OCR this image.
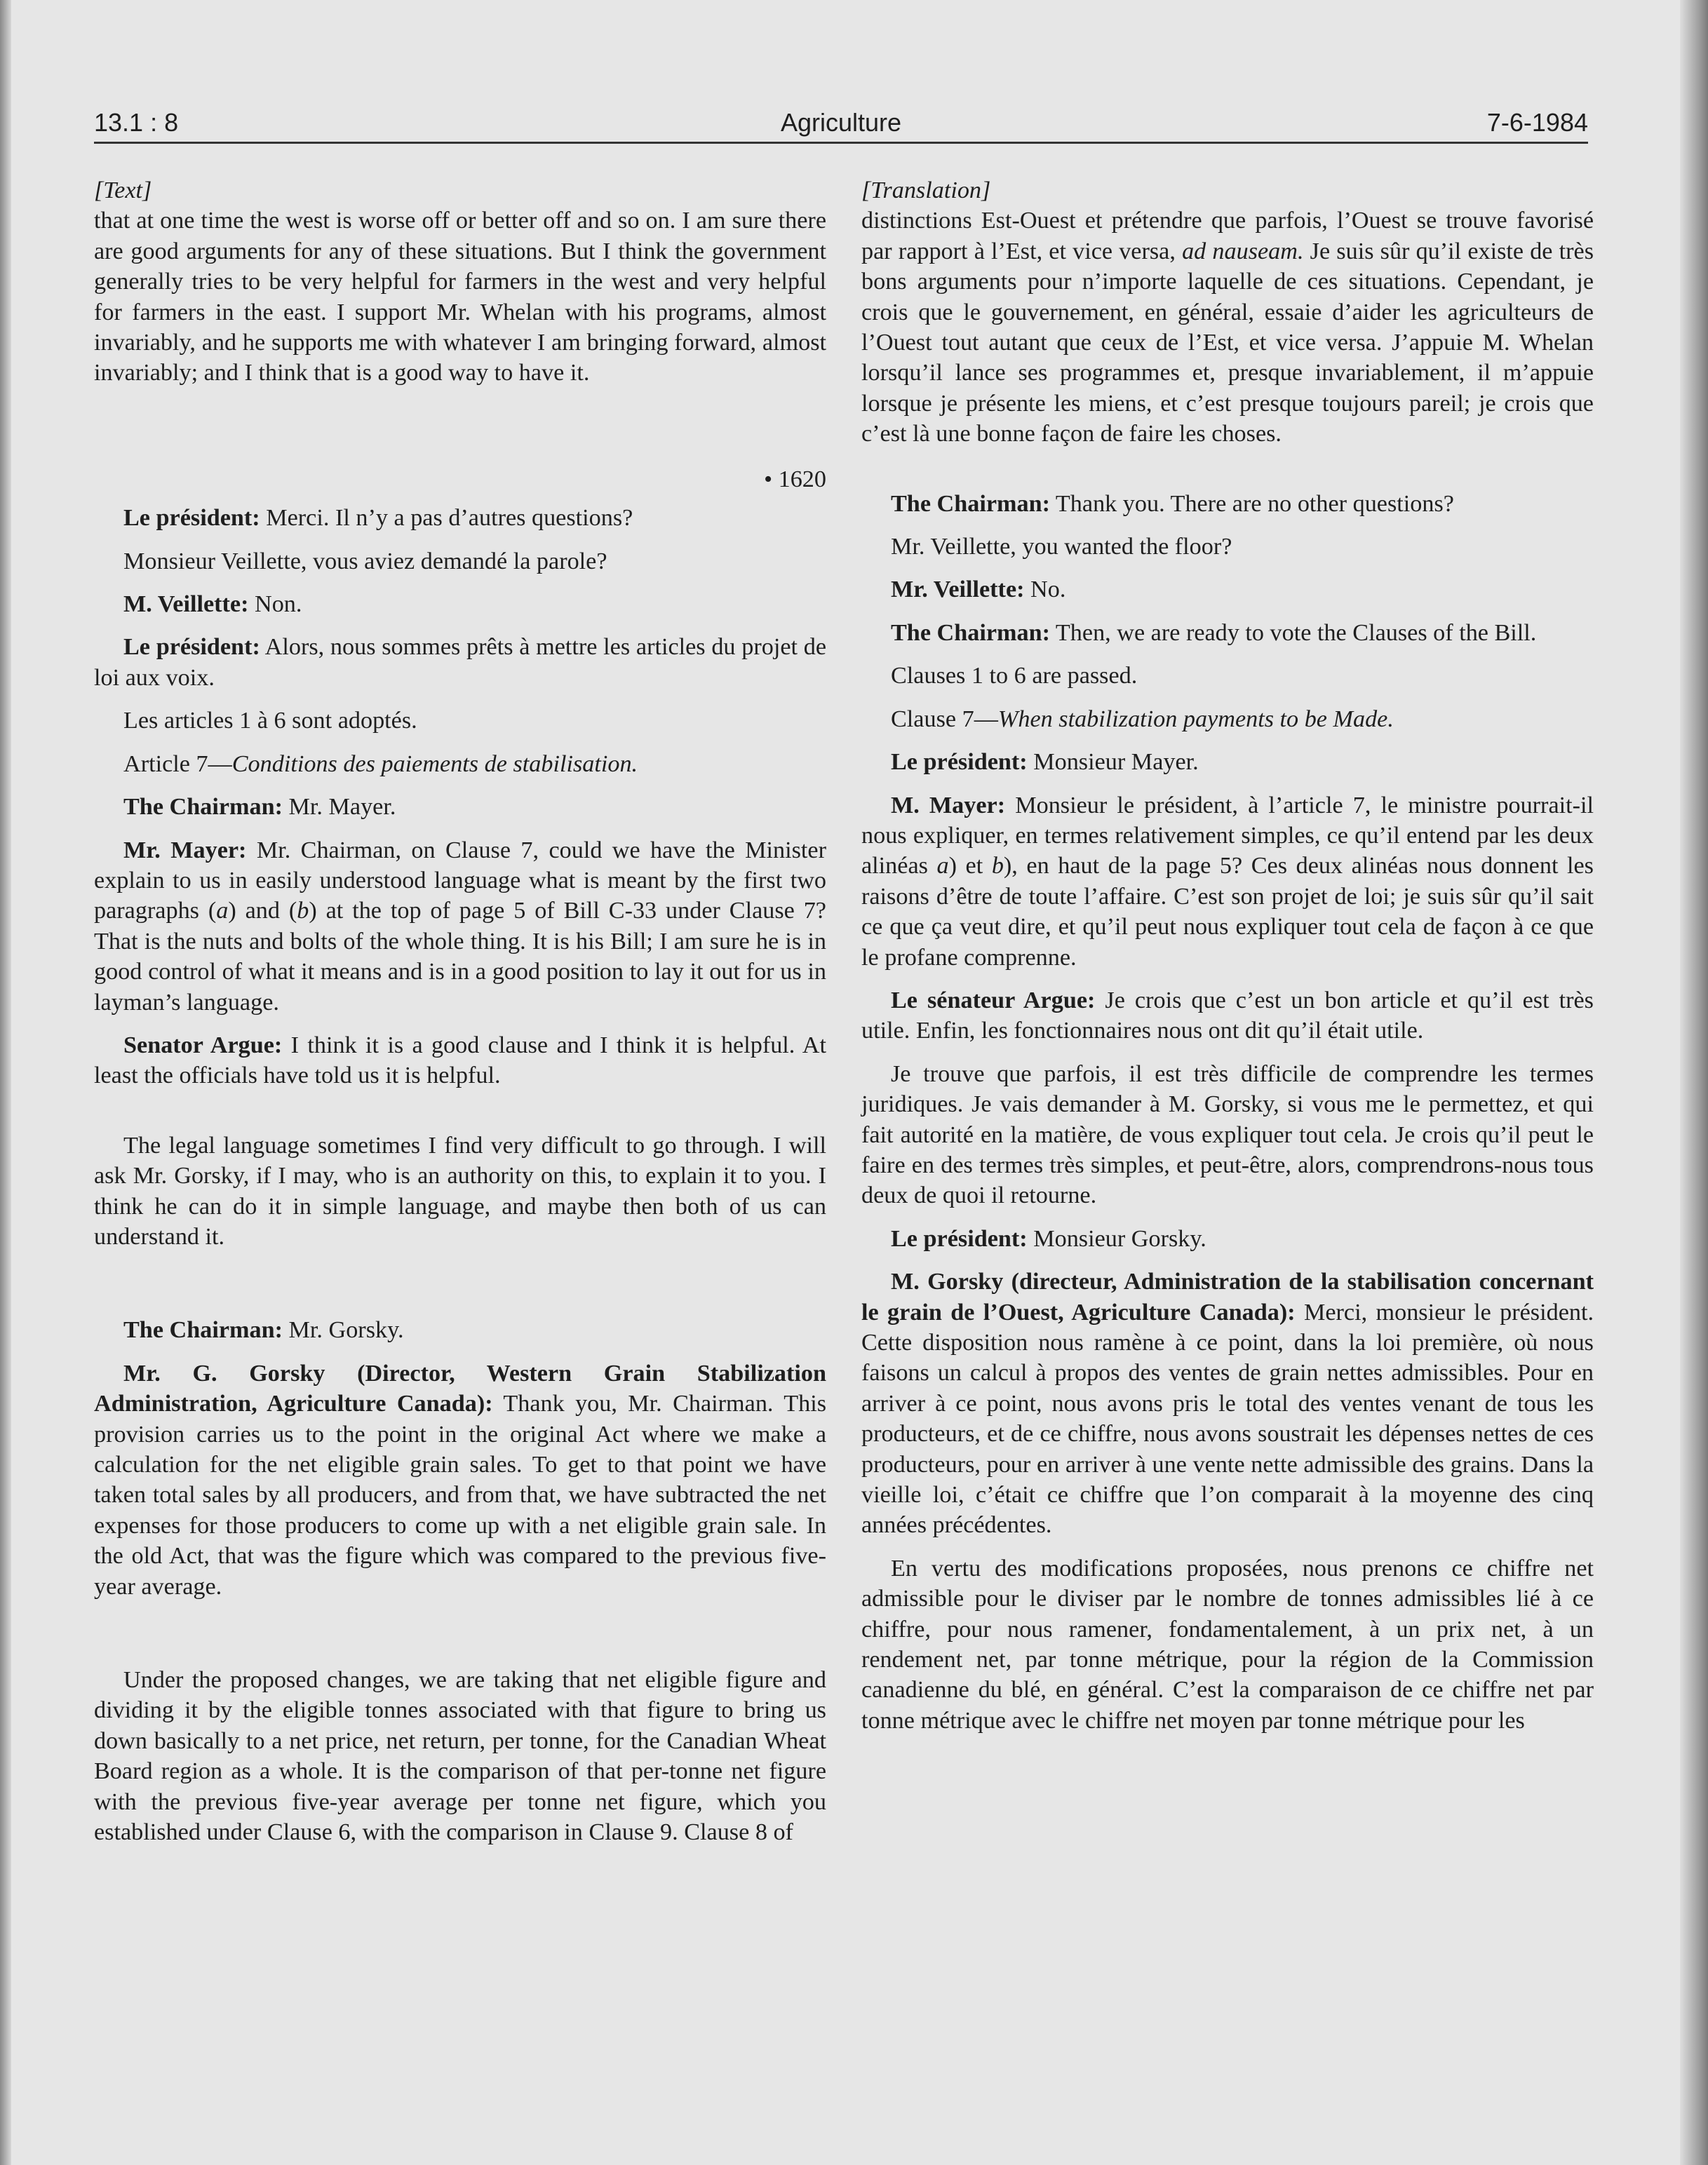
13.1 : 8	Agriculture	7-6-1984

[Text]

that at one time the west is worse off or better off and so on. I am sure there are good arguments for any of these situations. But I think the government generally tries to be very helpful for farmers in the west and very helpful for farmers in the east. I support Mr. Whelan with his programs, almost invariably, and he supports me with whatever I am bringing forward, almost invariably; and I think that is a good way to have it.

• 1620

Le président: Merci. Il n’y a pas d’autres questions?

Monsieur Veillette, vous aviez demandé la parole?

M. Veillette: Non.

Le président: Alors, nous sommes prêts à mettre les articles du projet de loi aux voix.

Les articles 1 à 6 sont adoptés.

Article 7—Conditions des paiements de stabilisation.

The Chairman: Mr. Mayer.

Mr. Mayer: Mr. Chairman, on Clause 7, could we have the Minister explain to us in easily understood language what is meant by the first two paragraphs (a) and (b) at the top of page 5 of Bill C-33 under Clause 7? That is the nuts and bolts of the whole thing. It is his Bill; I am sure he is in good control of what it means and is in a good position to lay it out for us in layman’s language.

Senator Argue: I think it is a good clause and I think it is helpful. At least the officials have told us it is helpful.

The legal language sometimes I find very difficult to go through. I will ask Mr. Gorsky, if I may, who is an authority on this, to explain it to you. I think he can do it in simple language, and maybe then both of us can understand it.

The Chairman: Mr. Gorsky.

Mr. G. Gorsky (Director, Western Grain Stabilization Administration, Agriculture Canada): Thank you, Mr. Chairman. This provision carries us to the point in the original Act where we make a calculation for the net eligible grain sales. To get to that point we have taken total sales by all producers, and from that, we have subtracted the net expenses for those producers to come up with a net eligible grain sale. In the old Act, that was the figure which was compared to the previous five-year average.

Under the proposed changes, we are taking that net eligible figure and dividing it by the eligible tonnes associated with that figure to bring us down basically to a net price, net return, per tonne, for the Canadian Wheat Board region as a whole. It is the comparison of that per-tonne net figure with the previous five-year average per tonne net figure, which you established under Clause 6, with the comparison in Clause 9. Clause 8 of

[Translation]

distinctions Est-Ouest et prétendre que parfois, l’Ouest se trouve favorisé par rapport à l’Est, et vice versa, ad nauseam. Je suis sûr qu’il existe de très bons arguments pour n’importe laquelle de ces situations. Cependant, je crois que le gouvernement, en général, essaie d’aider les agriculteurs de l’Ouest tout autant que ceux de l’Est, et vice versa. J’appuie M. Whelan lorsqu’il lance ses programmes et, presque invariablement, il m’appuie lorsque je présente les miens, et c’est presque toujours pareil; je crois que c’est là une bonne façon de faire les choses.

The Chairman: Thank you. There are no other questions?

Mr. Veillette, you wanted the floor?

Mr. Veillette: No.

The Chairman: Then, we are ready to vote the Clauses of the Bill.

Clauses 1 to 6 are passed.

Clause 7—When stabilization payments to be Made.

Le président: Monsieur Mayer.

M. Mayer: Monsieur le président, à l’article 7, le ministre pourrait-il nous expliquer, en termes relativement simples, ce qu’il entend par les deux alinéas a) et b), en haut de la page 5? Ces deux alinéas nous donnent les raisons d’être de toute l’affaire. C’est son projet de loi; je suis sûr qu’il sait ce que ça veut dire, et qu’il peut nous expliquer tout cela de façon à ce que le profane comprenne.

Le sénateur Argue: Je crois que c’est un bon article et qu’il est très utile. Enfin, les fonctionnaires nous ont dit qu’il était utile.

Je trouve que parfois, il est très difficile de comprendre les termes juridiques. Je vais demander à M. Gorsky, si vous me le permettez, et qui fait autorité en la matière, de vous expliquer tout cela. Je crois qu’il peut le faire en des termes très simples, et peut-être, alors, comprendrons-nous tous deux de quoi il retourne.

Le président: Monsieur Gorsky.

M. Gorsky (directeur, Administration de la stabilisation concernant le grain de l’Ouest, Agriculture Canada): Merci, monsieur le président. Cette disposition nous ramène à ce point, dans la loi première, où nous faisons un calcul à propos des ventes de grain nettes admissibles. Pour en arriver à ce point, nous avons pris le total des ventes venant de tous les producteurs, et de ce chiffre, nous avons soustrait les dépenses nettes de ces producteurs, pour en arriver à une vente nette admissible des grains. Dans la vieille loi, c’était ce chiffre que l’on comparait à la moyenne des cinq années précédentes.

En vertu des modifications proposées, nous prenons ce chiffre net admissible pour le diviser par le nombre de tonnes admissibles lié à ce chiffre, pour nous ramener, fondamentalement, à un prix net, à un rendement net, par tonne métrique, pour la région de la Commission canadienne du blé, en général. C’est la comparaison de ce chiffre net par tonne métrique avec le chiffre net moyen par tonne métrique pour les
